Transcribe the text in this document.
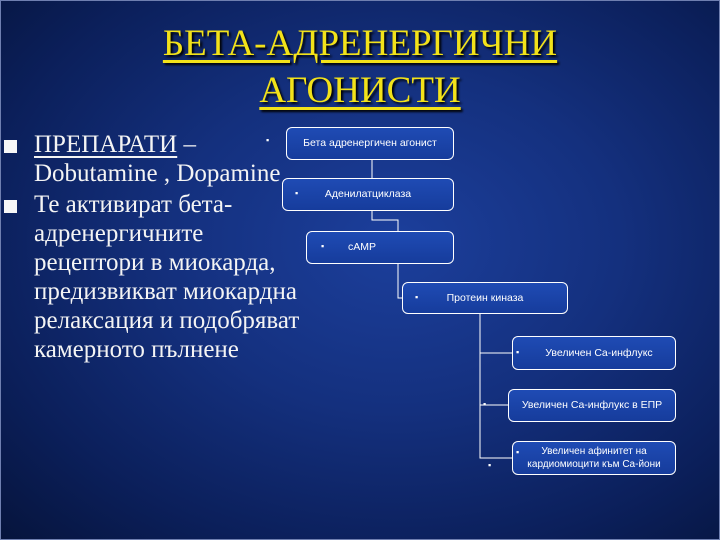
БЕТА-АДРЕНЕРГИЧНИ
АГОНИСТИ
ПРЕПАРАТИ – Dobutamine , Dopamine
Те активират бета-адренергичните рецептори в миокарда, предизвикват миокардна релаксация и подобряват камерното пълнене
Бета адренергичен агонист
▪
▪	Аденилатциклаза
▪ cAMP
▪	Протеин киназа
▪ Увеличен Ca-инфлукс
Увеличен Ca-инфлукс в ЕПР
▪
▪	Увеличен афинитет на кардиомиоцити към Ca-йони
▪
